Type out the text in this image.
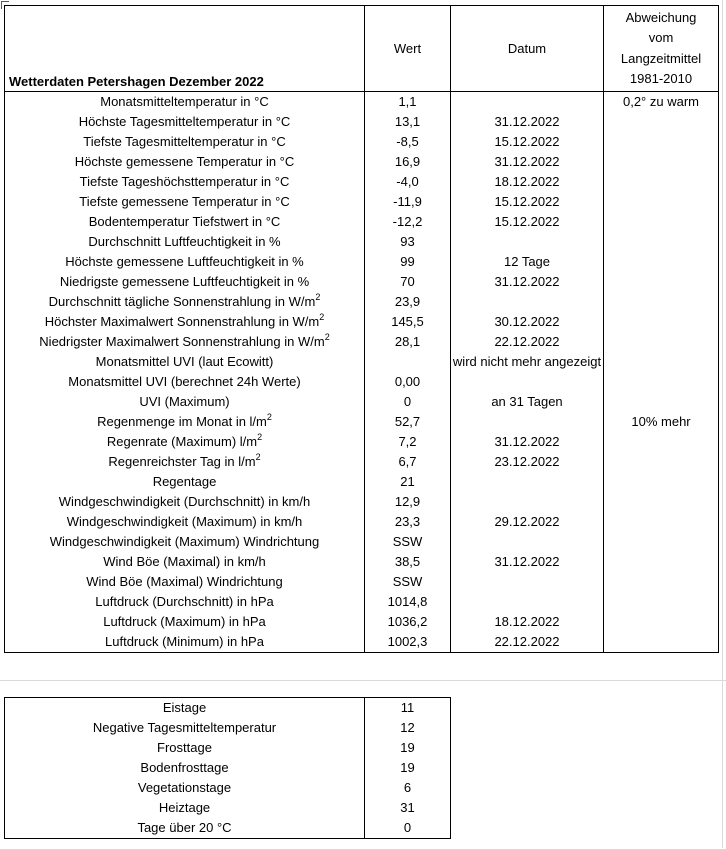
Wetterdaten Petershagen Dezember 2022	Wert	Datum	Abweichung
vom
Langzeitmittel
1981-2010

Monatsmitteltemperatur in °C	1,1		0,2° zu warm
Höchste Tagesmitteltemperatur in °C	13,1	31.12.2022	
Tiefste Tagesmitteltemperatur in °C	-8,5	15.12.2022	
Höchste gemessene Temperatur in °C	16,9	31.12.2022	
Tiefste Tageshöchsttemperatur in °C	-4,0	18.12.2022	
Tiefste gemessene Temperatur in °C	-11,9	15.12.2022	
Bodentemperatur Tiefstwert in °C	-12,2	15.12.2022	
Durchschnitt Luftfeuchtigkeit in %	93		
Höchste gemessene Luftfeuchtigkeit in %	99	12 Tage	
Niedrigste gemessene Luftfeuchtigkeit in %	70	31.12.2022	
Durchschnitt tägliche Sonnenstrahlung in $W/m^2$	23,9		
Höchster Maximalwert Sonnenstrahlung in $W/m^2$	145,5	30.12.2022	
Niedrigster Maximalwert Sonnenstrahlung in $W/m^2$	28,1	22.12.2022	
Monatsmittel UVI (laut Ecowitt)		wird nicht mehr angezeigt	
Monatsmittel UVI (berechnet 24h Werte)	0,00		
UVI (Maximum)	0	an 31 Tagen	
Regenmenge im Monat in $l/m^2$	52,7		10% mehr
Regenrate (Maximum) $l/m^2$	7,2	31.12.2022	
Regenreichster Tag in $l/m^2$	6,7	23.12.2022	
Regentage	21		
Windgeschwindigkeit (Durchschnitt) in km/h	12,9		
Windgeschwindigkeit (Maximum) in km/h	23,3	29.12.2022	
Windgeschwindigkeit (Maximum) Windrichtung	SSW		
Wind Böe (Maximal) in km/h	38,5	31.12.2022	
Wind Böe (Maximal) Windrichtung	SSW		
Luftdruck (Durchschnitt) in hPa	1014,8		
Luftdruck (Maximum) in hPa	1036,2	18.12.2022	
Luftdruck (Minimum) in hPa	1002,3	22.12.2022	
Eistage	11
Negative Tagesmitteltemperatur	12
Frosttage	19
Bodenfrosttage	19
Vegetationstage	6
Heiztage	31
Tage über 20 °C	0
